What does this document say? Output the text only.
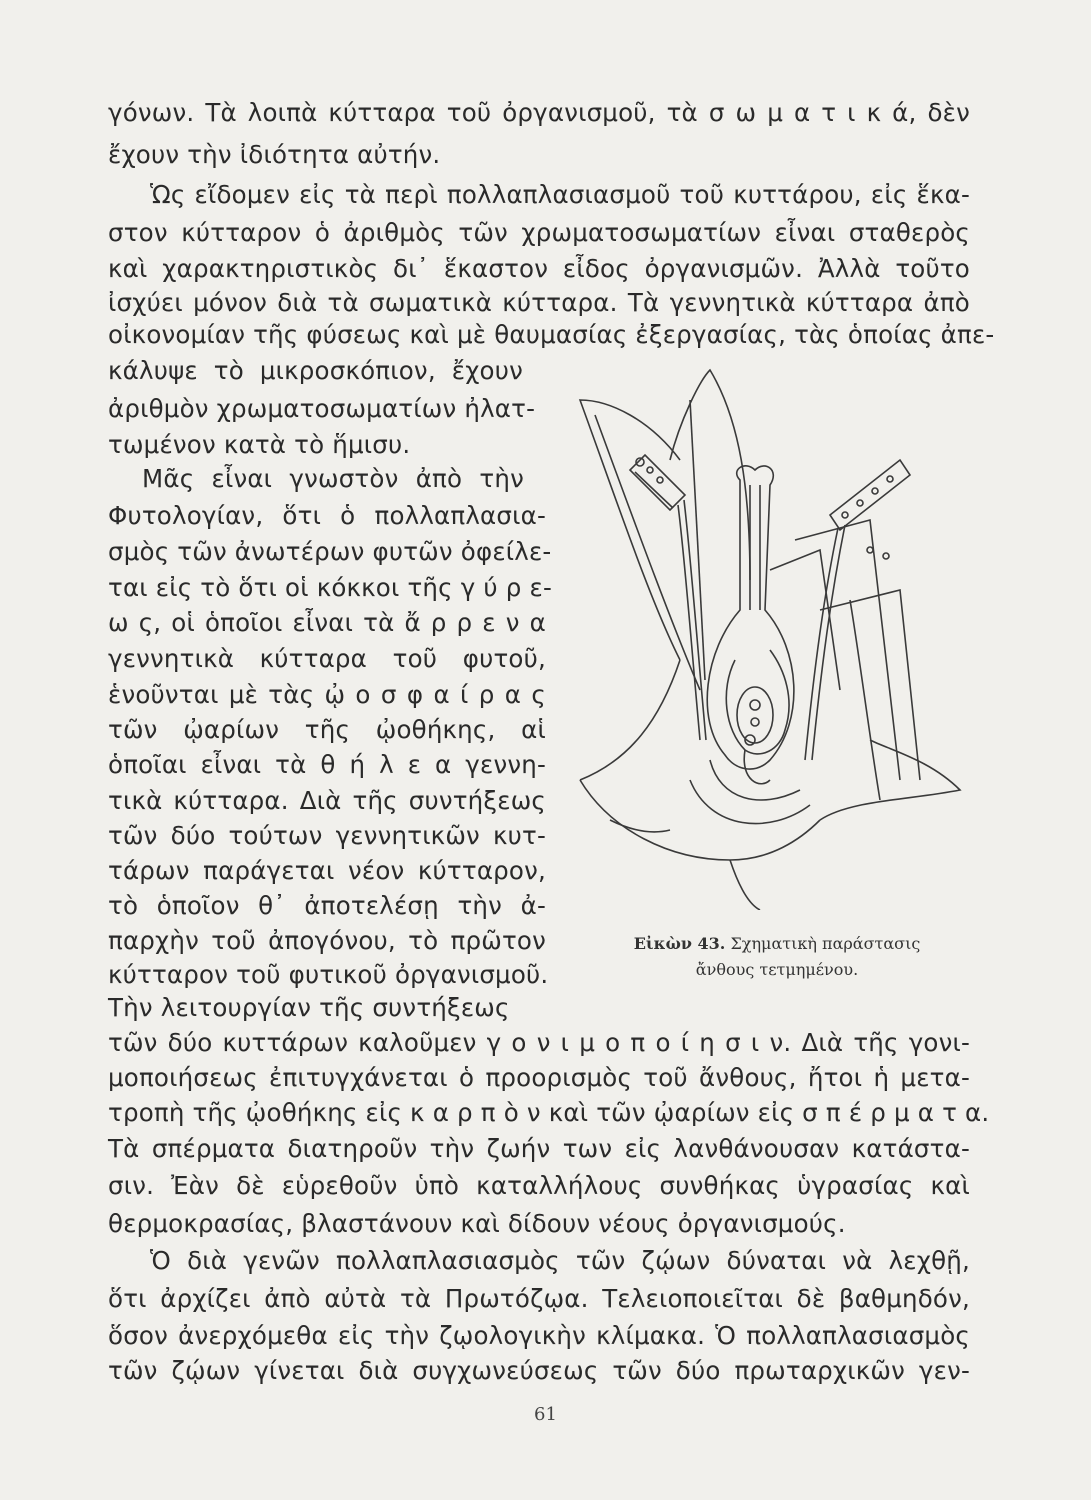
γόνων. Τὰ λοιπὰ κύτταρα τοῦ ὀργανισμοῦ, τὰ σ ω μ α τ ι κ ά, δὲν
ἔχουν τὴν ἰδιότητα αὐτήν.
Ὡς εἴδομεν εἰς τὰ περὶ πολλαπλασιασμοῦ τοῦ κυττάρου, εἰς ἕκα-
στον κύτταρον ὁ ἀριθμὸς τῶν χρωματοσωματίων εἶναι σταθερὸς
καὶ χαρακτηριστικὸς δι᾽ ἕκαστον εἶδος ὀργανισμῶν. Ἀλλὰ τοῦτο
ἰσχύει μόνον διὰ τὰ σωματικὰ κύτταρα. Τὰ γεννητικὰ κύτταρα ἀπὸ
οἰκονομίαν τῆς φύσεως καὶ μὲ θαυμασίας ἐξεργασίας, τὰς ὁποίας ἀπε-
κάλυψε τὸ μικροσκόπιον, ἔχουν
ἀριθμὸν χρωματοσωματίων ἠλατ-
τωμένον κατὰ τὸ ἥμισυ.
Μᾶς εἶναι γνωστὸν ἀπὸ τὴν
Φυτολογίαν, ὅτι ὁ πολλαπλασια-
σμὸς τῶν ἀνωτέρων φυτῶν ὀφείλε-
ται εἰς τὸ ὅτι οἱ κόκκοι τῆς γ ύ ρ ε-
ω ς, οἱ ὁποῖοι εἶναι τὰ ἄ ρ ρ ε ν α
γεννητικὰ κύτταρα τοῦ φυτοῦ,
ἑνοῦνται μὲ τὰς ᾠ ο σ φ α ί ρ α ς
τῶν ᾠαρίων τῆς ᾠοθήκης, αἱ
ὁποῖαι εἶναι τὰ θ ή λ ε α γεννη-
τικὰ κύτταρα. Διὰ τῆς συντήξεως
τῶν δύο τούτων γεννητικῶν κυτ-
τάρων παράγεται νέον κύτταρον,
τὸ ὁποῖον θ᾽ ἀποτελέσῃ τὴν ἀ-
παρχὴν τοῦ ἀπογόνου, τὸ πρῶτον
κύτταρον τοῦ φυτικοῦ ὀργανισμοῦ.
Τὴν λειτουργίαν τῆς συντήξεως
τῶν δύο κυττάρων καλοῦμεν γ ο ν ι μ ο π ο ί η σ ι ν. Διὰ τῆς γονι-
μοποιήσεως ἐπιτυγχάνεται ὁ προορισμὸς τοῦ ἄνθους, ἤτοι ἡ μετα-
τροπὴ τῆς ᾠοθήκης εἰς κ α ρ π ὸ ν καὶ τῶν ᾠαρίων εἰς σ π έ ρ μ α τ α.
Τὰ σπέρματα διατηροῦν τὴν ζωήν των εἰς λανθάνουσαν κατάστα-
σιν. Ἐὰν δὲ εὑρεθοῦν ὑπὸ καταλλήλους συνθήκας ὑγρασίας καὶ
θερμοκρασίας, βλαστάνουν καὶ δίδουν νέους ὀργανισμούς.
Ὁ διὰ γενῶν πολλαπλασιασμὸς τῶν ζῴων δύναται νὰ λεχθῇ,
ὅτι ἀρχίζει ἀπὸ αὐτὰ τὰ Πρωτόζῳα. Τελειοποιεῖται δὲ βαθμηδόν,
ὅσον ἀνερχόμεθα εἰς τὴν ζῳολογικὴν κλίμακα. Ὁ πολλαπλασιασμὸς
τῶν ζῴων γίνεται διὰ συγχωνεύσεως τῶν δύο πρωταρχικῶν γεν-
Εἰκὼν 43. Σχηματικὴ παράστασις
ἄνθους τετμημένου.
61
